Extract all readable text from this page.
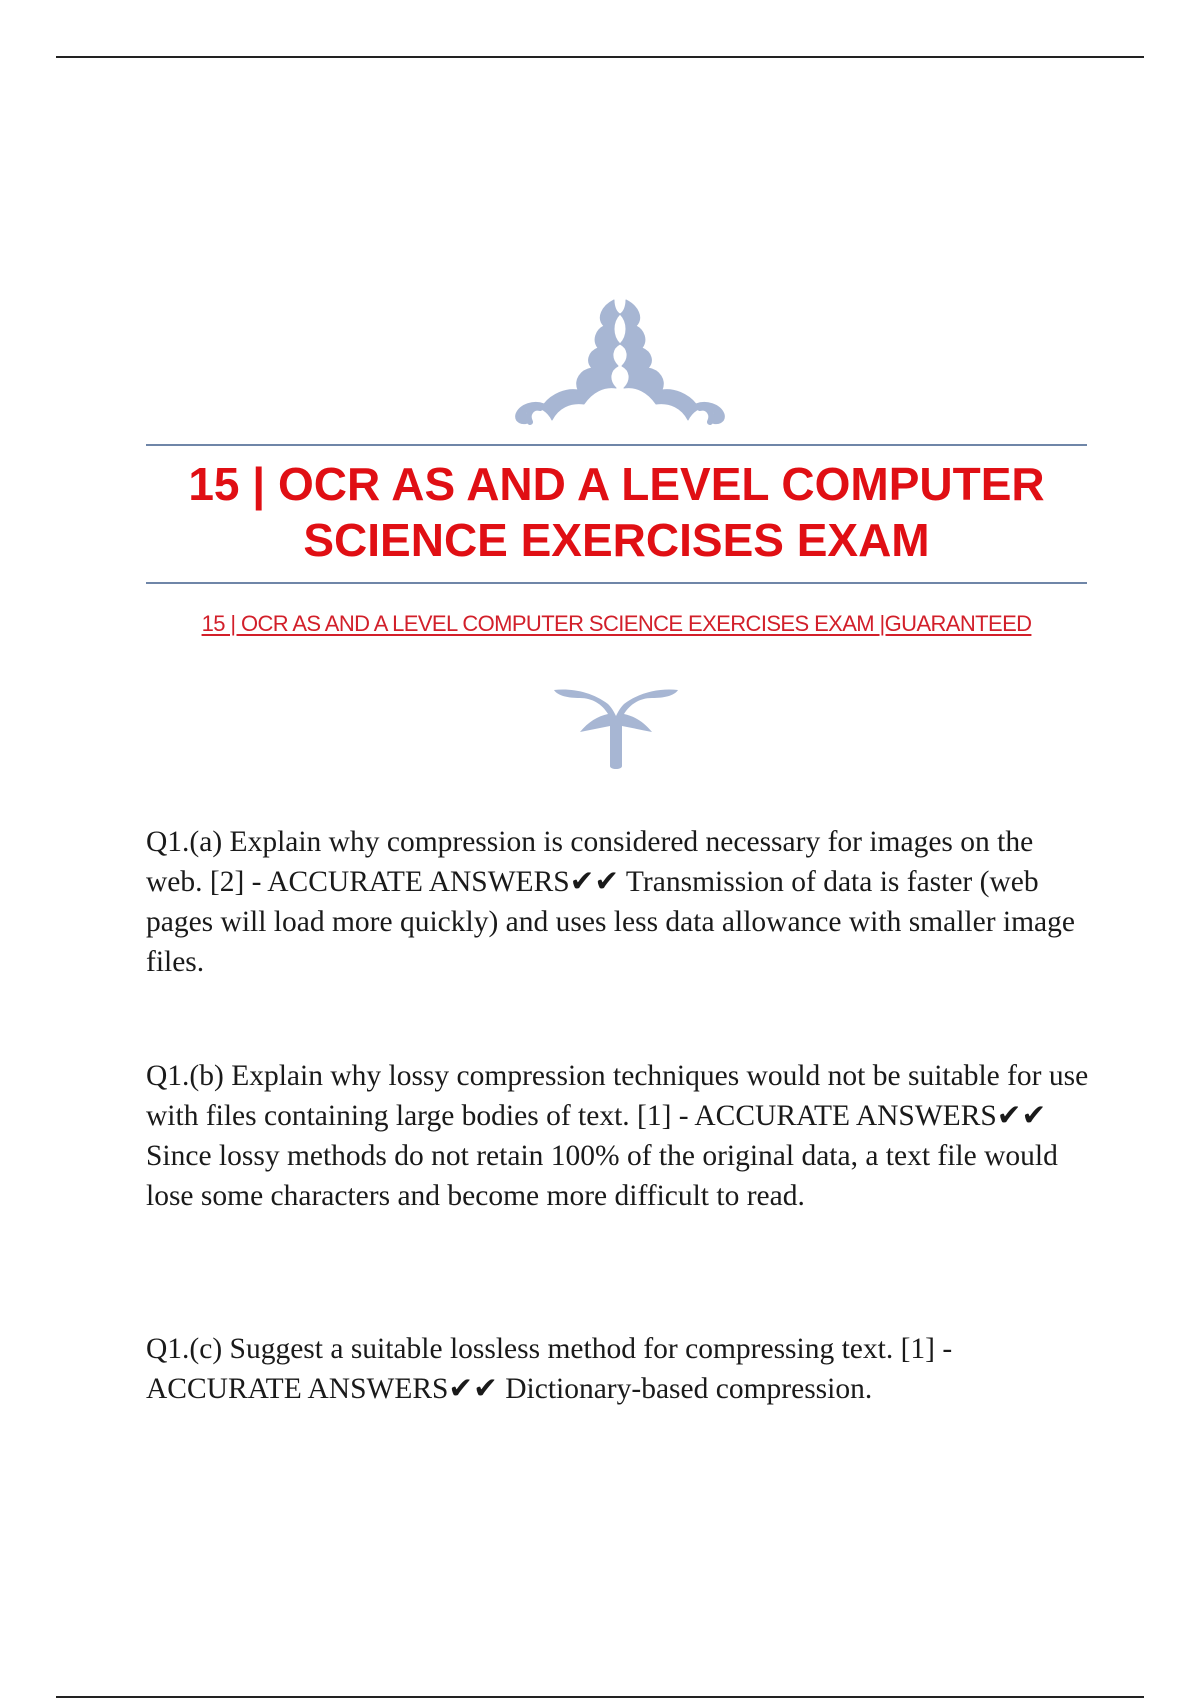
15 | OCR AS AND A LEVEL COMPUTER SCIENCE EXERCISES EXAM

15 | OCR AS AND A LEVEL COMPUTER SCIENCE EXERCISES EXAM |GUARANTEED

Q1.(a) Explain why compression is considered necessary for images on the web. [2] - ACCURATE ANSWERS✔✔ Transmission of data is faster (web pages will load more quickly) and uses less data allowance with smaller image files.

Q1.(b) Explain why lossy compression techniques would not be suitable for use with files containing large bodies of text. [1] - ACCURATE ANSWERS✔✔ Since lossy methods do not retain 100% of the original data, a text file would lose some characters and become more difficult to read.

Q1.(c) Suggest a suitable lossless method for compressing text. [1] - ACCURATE ANSWERS✔✔ Dictionary-based compression.
